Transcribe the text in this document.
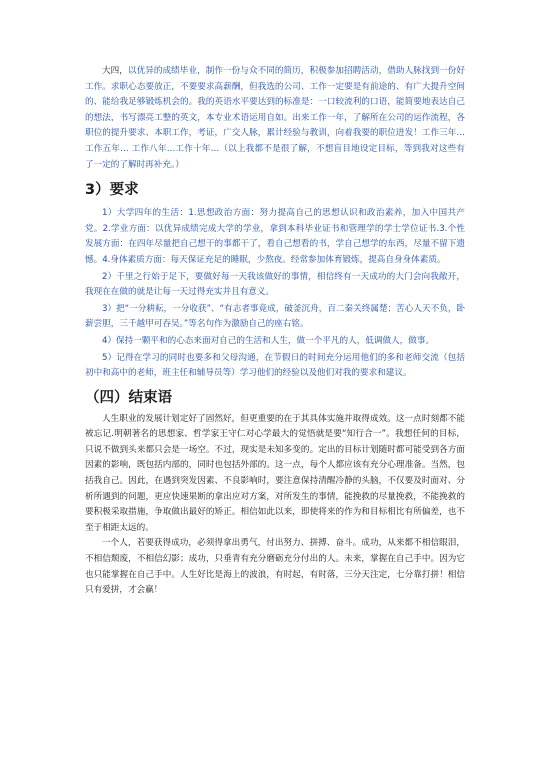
大四，以优异的成绩毕业，制作一份与众不同的简历，积极参加招聘活动，借助人脉找到一份好工作。求职心态要放正，不要要求高薪酬，但我选的公司、工作一定要是有前途的、有广大提升空间的、能给我足够锻炼机会的。我的英语水平要达到的标准是：一口较流利的口语，能简要地表达自己的想法，书写漂亮工整的英文，本专业术语运用自如。出来工作一年，了解所在公司的运作流程，各职位的提升要求、本职工作，考证，广交人脉，累计经验与教训，向着我要的职位进发！工作三年…工作五年… 工作八年…工作十年…（以上我都不是很了解，不想盲目地设定目标，等到我对这些有了一定的了解时再补充。）

3）要求

1）大学四年的生活：1.思想政治方面：努力提高自己的思想认识和政治素养，加入中国共产党。2.学业方面：以优异成绩完成大学的学业，拿到本科毕业证书和管理学的学士学位证书.3.个性发展方面：在四年尽量把自己想干的事都干了，看自己想看的书，学自己想学的东西，尽量不留下遗憾。4.身体素质方面：每天保证充足的睡眠，少熬夜。经常参加体育锻炼，提高自身身体素质。

2）千里之行始于足下，要做好每一天我该做好的事情，相信终有一天成功的大门会向我敞开，我现在在做的就是让每一天过得充实并且有意义。

3）把“一分耕耘，一分收获”、“有志者事竟成，破釜沉舟，百二秦关终属楚；苦心人天不负，卧薪尝胆，三千越甲可吞吴。”等名句作为激励自己的座右铭。

4）保持一颗平和的心态来面对自己的生活和人生，做一个平凡的人，低调做人，做事。

5）记得在学习的同时也要多和父母沟通，在节假日的时间充分运用他们的多和老师交流（包括初中和高中的老师，班主任和辅导员等）学习他们的经验以及他们对我的要求和建议。

（四）结束语

人生职业的发展计划定好了固然好，但更重要的在于其具体实施并取得成效。这一点时刻都不能被忘记.明朝著名的思想家、哲学家王守仁对心学最大的觉悟就是要“知行合一”。我想任何的目标，只说不做到头来都只会是一场空。不过，现实是未知多变的。定出的目标计划随时都可能受到各方面因素的影响，既包括内部的，同时也包括外部的。这一点，每个人都应该有充分心理准备。当然，包括我自己。因此，在遇到突发因素、不良影响时，要注意保持清醒冷静的头脑，不仅要及时面对、分析所遇到的问题，更应快速果断的拿出应对方案，对所发生的事情，能挽救的尽量挽救，不能挽救的要积极采取措施，争取做出最好的矫正。相信如此以来，即使将来的作为和目标相比有所偏差，也不至于相距太远的。

一个人，若要获得成功，必须得拿出勇气，付出努力、拼搏、奋斗。成功，从来都不相信眼泪，不相信颓废，不相信幻影；成功，只垂青有充分磨砺充分付出的人。未来，掌握在自己手中。因为它也只能掌握在自己手中。人生好比是海上的波浪，有时起，有时落，三分天注定，七分靠打拼！相信只有爱拼，才会赢！
